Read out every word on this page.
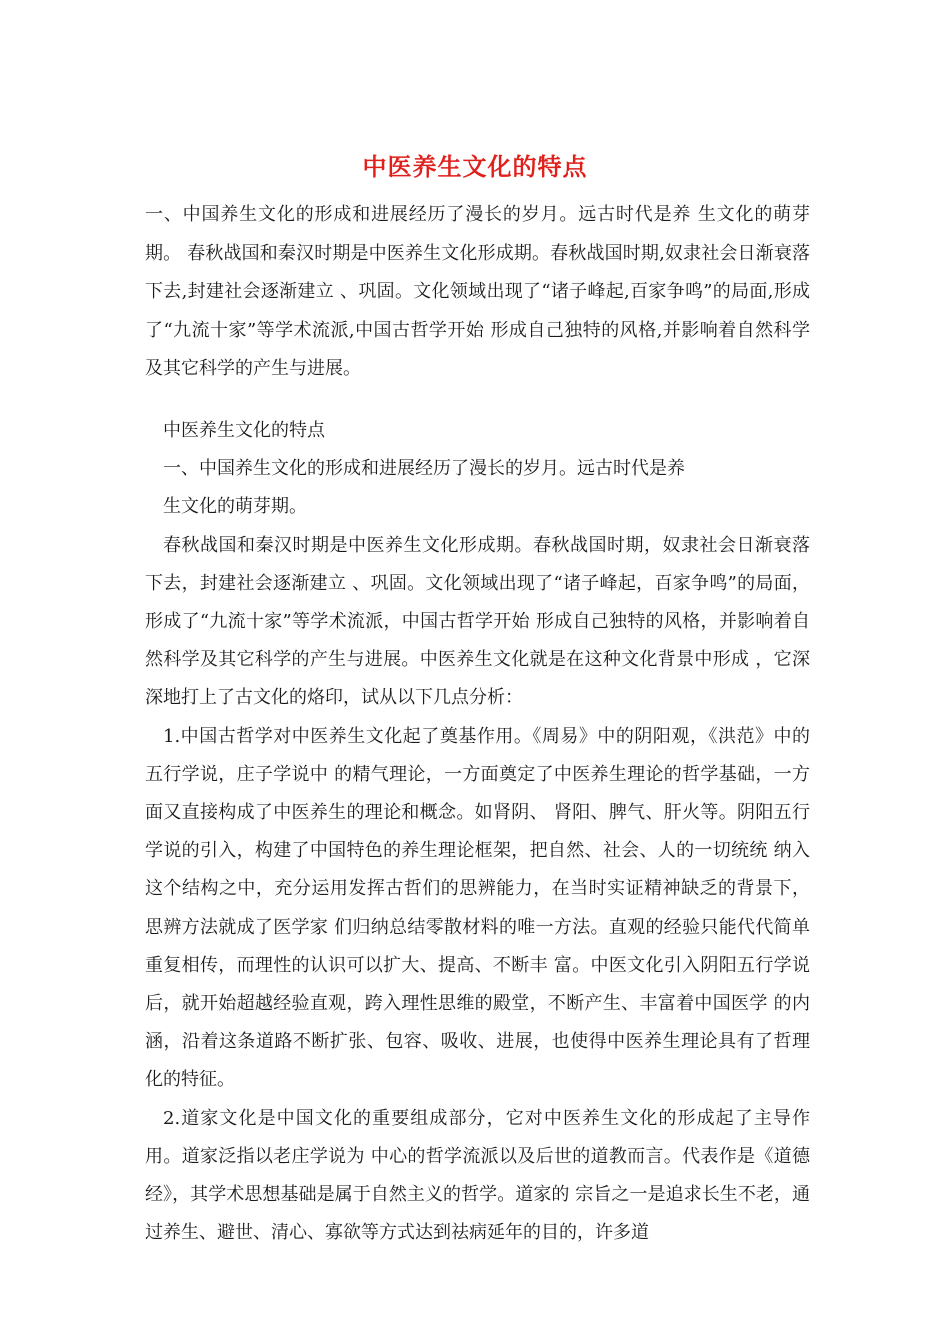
中医养生文化的特点

一、中国养生文化的形成和进展经历了漫长的岁月。远古时代是养 生文化的萌芽期。 春秋战国和秦汉时期是中医养生文化形成期。春秋战国时期,奴隶社会日渐衰落下去,封建社会逐渐建立 、巩固。文化领域出现了“诸子峰起,百家争鸣”的局面,形成了“九流十家”等学术流派,中国古哲学开始 形成自己独特的风格,并影响着自然科学及其它科学的产生与进展。

中医养生文化的特点

一、中国养生文化的形成和进展经历了漫长的岁月。远古时代是养

生文化的萌芽期。

春秋战国和秦汉时期是中医养生文化形成期。春秋战国时期，奴隶社会日渐衰落下去，封建社会逐渐建立 、巩固。文化领域出现了“诸子峰起，百家争鸣”的局面，形成了“九流十家”等学术流派，中国古哲学开始 形成自己独特的风格，并影响着自然科学及其它科学的产生与进展。中医养生文化就是在这种文化背景中形成 ，它深深地打上了古文化的烙印，试从以下几点分析：

1.中国古哲学对中医养生文化起了奠基作用。《周易》中的阴阳观，《洪范》中的五行学说，庄子学说中 的精气理论，一方面奠定了中医养生理论的哲学基础，一方面又直接构成了中医养生的理论和概念。如肾阴、 肾阳、脾气、肝火等。阴阳五行学说的引入，构建了中国特色的养生理论框架，把自然、社会、人的一切统统 纳入这个结构之中，充分运用发挥古哲们的思辨能力，在当时实证精神缺乏的背景下，思辨方法就成了医学家 们归纳总结零散材料的唯一方法。直观的经验只能代代简单重复相传，而理性的认识可以扩大、提高、不断丰 富。中医文化引入阴阳五行学说后，就开始超越经验直观，跨入理性思维的殿堂，不断产生、丰富着中国医学 的内涵，沿着这条道路不断扩张、包容、吸收、进展，也使得中医养生理论具有了哲理化的特征。

2.道家文化是中国文化的重要组成部分，它对中医养生文化的形成起了主导作用。道家泛指以老庄学说为 中心的哲学流派以及后世的道教而言。代表作是《道德经》，其学术思想基础是属于自然主义的哲学。道家的 宗旨之一是追求长生不老，通过养生、避世、清心、寡欲等方式达到祛病延年的目的，许多道
